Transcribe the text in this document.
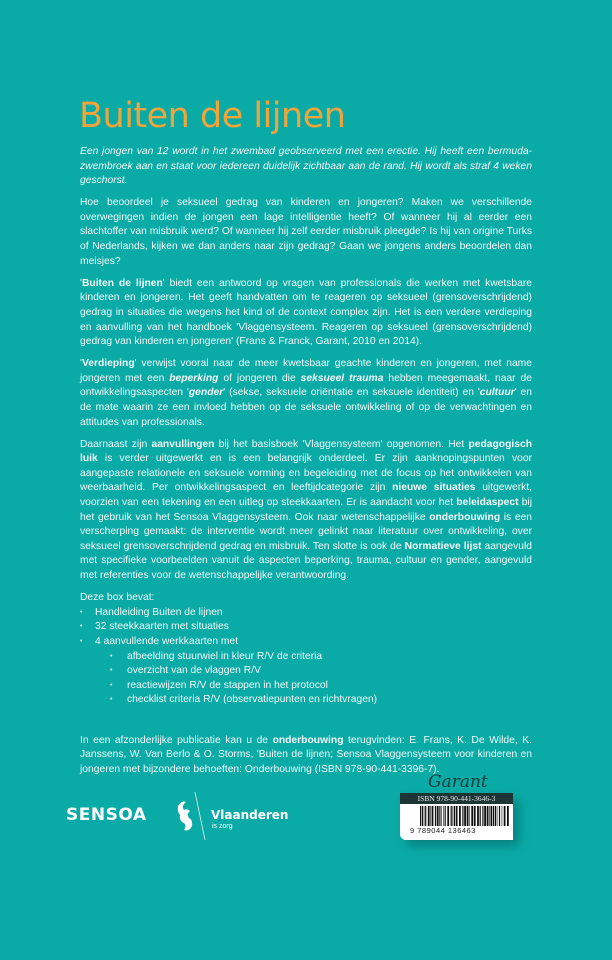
Buiten de lijnen

Een jongen van 12 wordt in het zwembad geobserveerd met een erectie. Hij heeft een bermuda- zwembroek aan en staat voor iedereen duidelijk zichtbaar aan de rand. Hij wordt als straf 4 weken geschorst.

Hoe beoordeel je seksueel gedrag van kinderen en jongeren? Maken we verschillende overwegingen indien de jongen een lage intelligentie heeft? Of wanneer hij al eerder een slachtoffer van misbruik werd? Of wanneer hij zelf eerder misbruik pleegde? Is hij van origine Turks of Nederlands, kijken we dan anders naar zijn gedrag? Gaan we jongens anders beoordelen dan meisjes?

'Buiten de lijnen' biedt een antwoord op vragen van professionals die werken met kwetsbare kinderen en jongeren. Het geeft handvatten om te reageren op seksueel (grensoverschrijdend) gedrag in situaties die wegens het kind of de context complex zijn. Het is een verdere verdieping en aanvulling van het handboek 'Vlaggensysteem. Reageren op seksueel (grensoverschrijdend) gedrag van kinderen en jongeren' (Frans & Franck, Garant, 2010 en 2014).

'Verdieping' verwijst vooral naar de meer kwetsbaar geachte kinderen en jongeren, met name jongeren met een beperking of jongeren die seksueel trauma hebben meegemaakt, naar de ontwikkelingsaspecten 'gender' (sekse, seksuele oriëntatie en seksuele identiteit) en 'cultuur' en de mate waarin ze een invloed hebben op de seksuele ontwikkeling of op de verwachtingen en attitudes van professionals.

Daarnaast zijn aanvullingen bij het basisboek 'Vlaggensysteem' opgenomen. Het pedagogisch luik is verder uitgewerkt en is een belangrijk onderdeel. Er zijn aanknopingspunten voor aangepaste relationele en seksuele vorming en begeleiding met de focus op het ontwikkelen van weerbaarheid. Per ontwikkelingsaspect en leeftijdcategorie zijn nieuwe situaties uitgewerkt, voorzien van een tekening en een uitleg op steekkaarten. Er is aandacht voor het beleidaspect bij het gebruik van het Sensoa Vlaggensysteem. Ook naar wetenschappelijke onderbouwing is een verscherping gemaakt: de interventie wordt meer gelinkt naar literatuur over ontwikkeling, over seksueel grensoverschrijdend gedrag en misbruik. Ten slotte is ook de Normatieve lijst aangevuld met specifieke voorbeelden vanuit de aspecten beperking, trauma, cultuur en gender, aangevuld met referenties voor de wetenschappelijke verantwoording.

Deze box bevat:

• Handleiding Buiten de lijnen
• 32 steekkaarten met situaties
• 4 aanvullende werkkaarten met
• afbeelding stuurwiel in kleur R/V de criteria
• overzicht van de vlaggen R/V
• reactiewijzen R/V de stappen in het protocol
• checklist criteria R/V (observatiepunten en richtvragen)

In een afzonderlijke publicatie kan u de onderbouwing terugvinden: E. Frans, K. De Wilde, K. Janssens, W. Van Berlo & O. Storms, 'Buiten de lijnen; Sensoa Vlaggensysteem voor kinderen en jongeren met bijzondere behoeften: Onderbouwing (ISBN 978-90-441-3396-7).

SENSOA	Vlaanderen
is zorg
Garant
ISBN 978-90-441-3646-3
9 789044 136463
